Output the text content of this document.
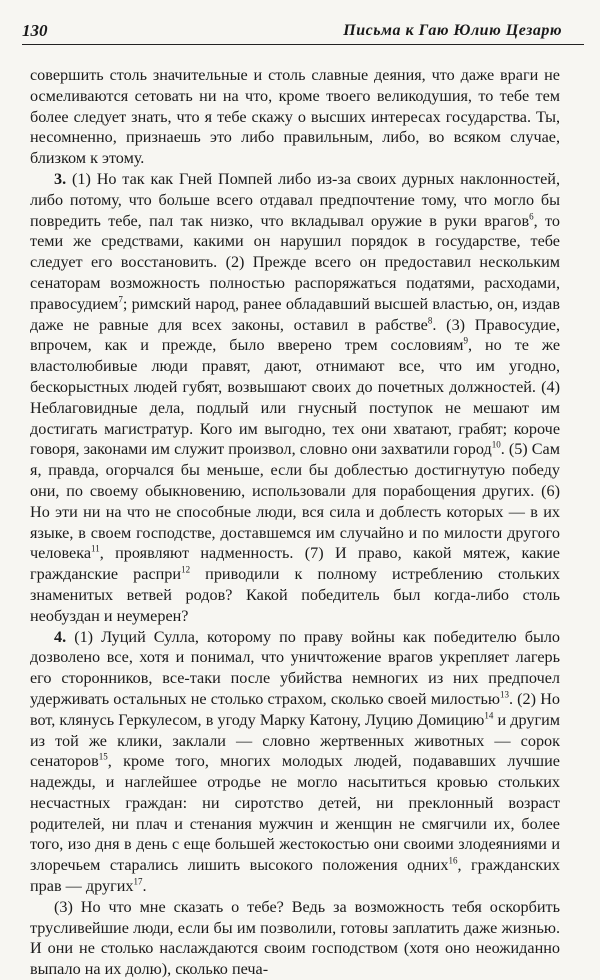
130	Письма к Гаю Юлию Цезарю

совершить столь значительные и столь славные деяния, что даже враги не осмеливаются сетовать ни на что, кроме твоего великодушия, то тебе тем более следует знать, что я тебе скажу о высших интересах государства. Ты, несомненно, признаешь это либо правильным, либо, во всяком случае, близком к этому.

3. (1) Но так как Гней Помпей либо из-за своих дурных наклонностей, либо потому, что больше всего отдавал предпочтение тому, что могло бы повредить тебе, пал так низко, что вкладывал оружие в руки врагов$^6$, то теми же средствами, какими он нарушил порядок в государстве, тебе следует его восстановить. (2) Прежде всего он предоставил нескольким сенаторам возможность полностью распоряжаться податями, расходами, правосудием$^7$; римский народ, ранее обладавший высшей властью, он, издав даже не равные для всех законы, оставил в рабстве$^8$. (3) Правосудие, впрочем, как и прежде, было вверено трем сословиям$^9$, но те же властолюбивые люди правят, дают, отнимают все, что им угодно, бескорыстных людей губят, возвышают своих до почетных должностей. (4) Неблаговидные дела, подлый или гнусный поступок не мешают им достигать магистратур. Кого им выгодно, тех они хватают, грабят; короче говоря, законами им служит произвол, словно они захватили город$^{10}$. (5) Сам я, правда, огорчался бы меньше, если бы доблестью достигнутую победу они, по своему обыкновению, использовали для порабощения других. (6) Но эти ни на что не способные люди, вся сила и доблесть которых — в их языке, в своем господстве, доставшемся им случайно и по милости другого человека$^{11}$, проявляют надменность. (7) И право, какой мятеж, какие гражданские распри$^{12}$ приводили к полному истреблению стольких знаменитых ветвей родов? Какой победитель был когда-либо столь необуздан и неумерен?

4. (1) Луций Сулла, которому по праву войны как победителю было дозволено все, хотя и понимал, что уничтожение врагов укрепляет лагерь его сторонников, все-таки после убийства немногих из них предпочел удерживать остальных не столько страхом, сколько своей милостью$^{13}$. (2) Но вот, клянусь Геркулесом, в угоду Марку Катону, Луцию Домицию$^{14}$ и другим из той же клики, заклали — словно жертвенных животных — сорок сенаторов$^{15}$, кроме того, многих молодых людей, подававших лучшие надежды, и наглейшее отродье не могло насытиться кровью стольких несчастных граждан: ни сиротство детей, ни преклонный возраст родителей, ни плач и стенания мужчин и женщин не смягчили их, более того, изо дня в день с еще большей жестокостью они своими злодеяниями и злоречьем старались лишить высокого положения одних$^{16}$, гражданских прав — других$^{17}$.

(3) Но что мне сказать о тебе? Ведь за возможность тебя оскорбить трусливейшие люди, если бы им позволили, готовы заплатить даже жизнью. И они не столько наслаждаются своим господством (хотя оно неожиданно выпало на их долю), сколько печа-
